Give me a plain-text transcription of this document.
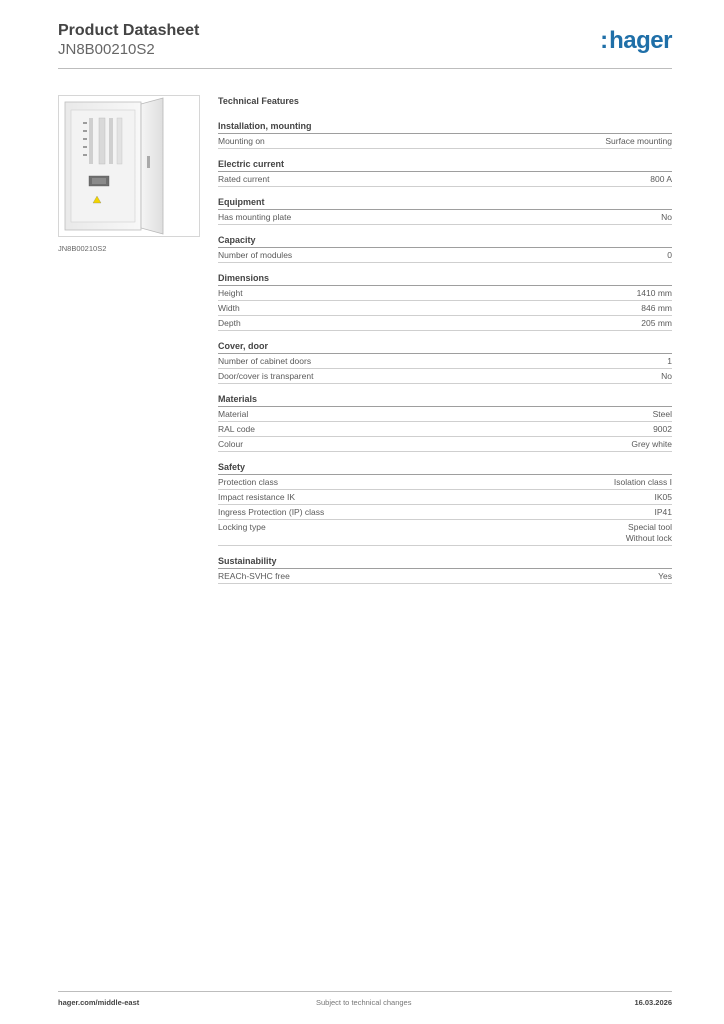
Product Datasheet
JN8B00210S2	:hager
JN8B00210S2
Technical Features
Installation, mounting
Mounting on	Surface mounting
Electric current
Rated current	800 A
Equipment
Has mounting plate	No
Capacity
Number of modules	0
Dimensions
Height	1410 mm
Width	846 mm
Depth	205 mm
Cover, door
Number of cabinet doors	1
Door/cover is transparent	No
Materials
Material	Steel
RAL code	9002
Colour	Grey white
Safety
Protection class	Isolation class I
Impact resistance IK	IK05
Ingress Protection (IP) class	IP41
Locking type	Special tool
Without lock
Sustainability
REACh-SVHC free	Yes
hager.com/middle-east	Subject to technical changes	16.03.2026
